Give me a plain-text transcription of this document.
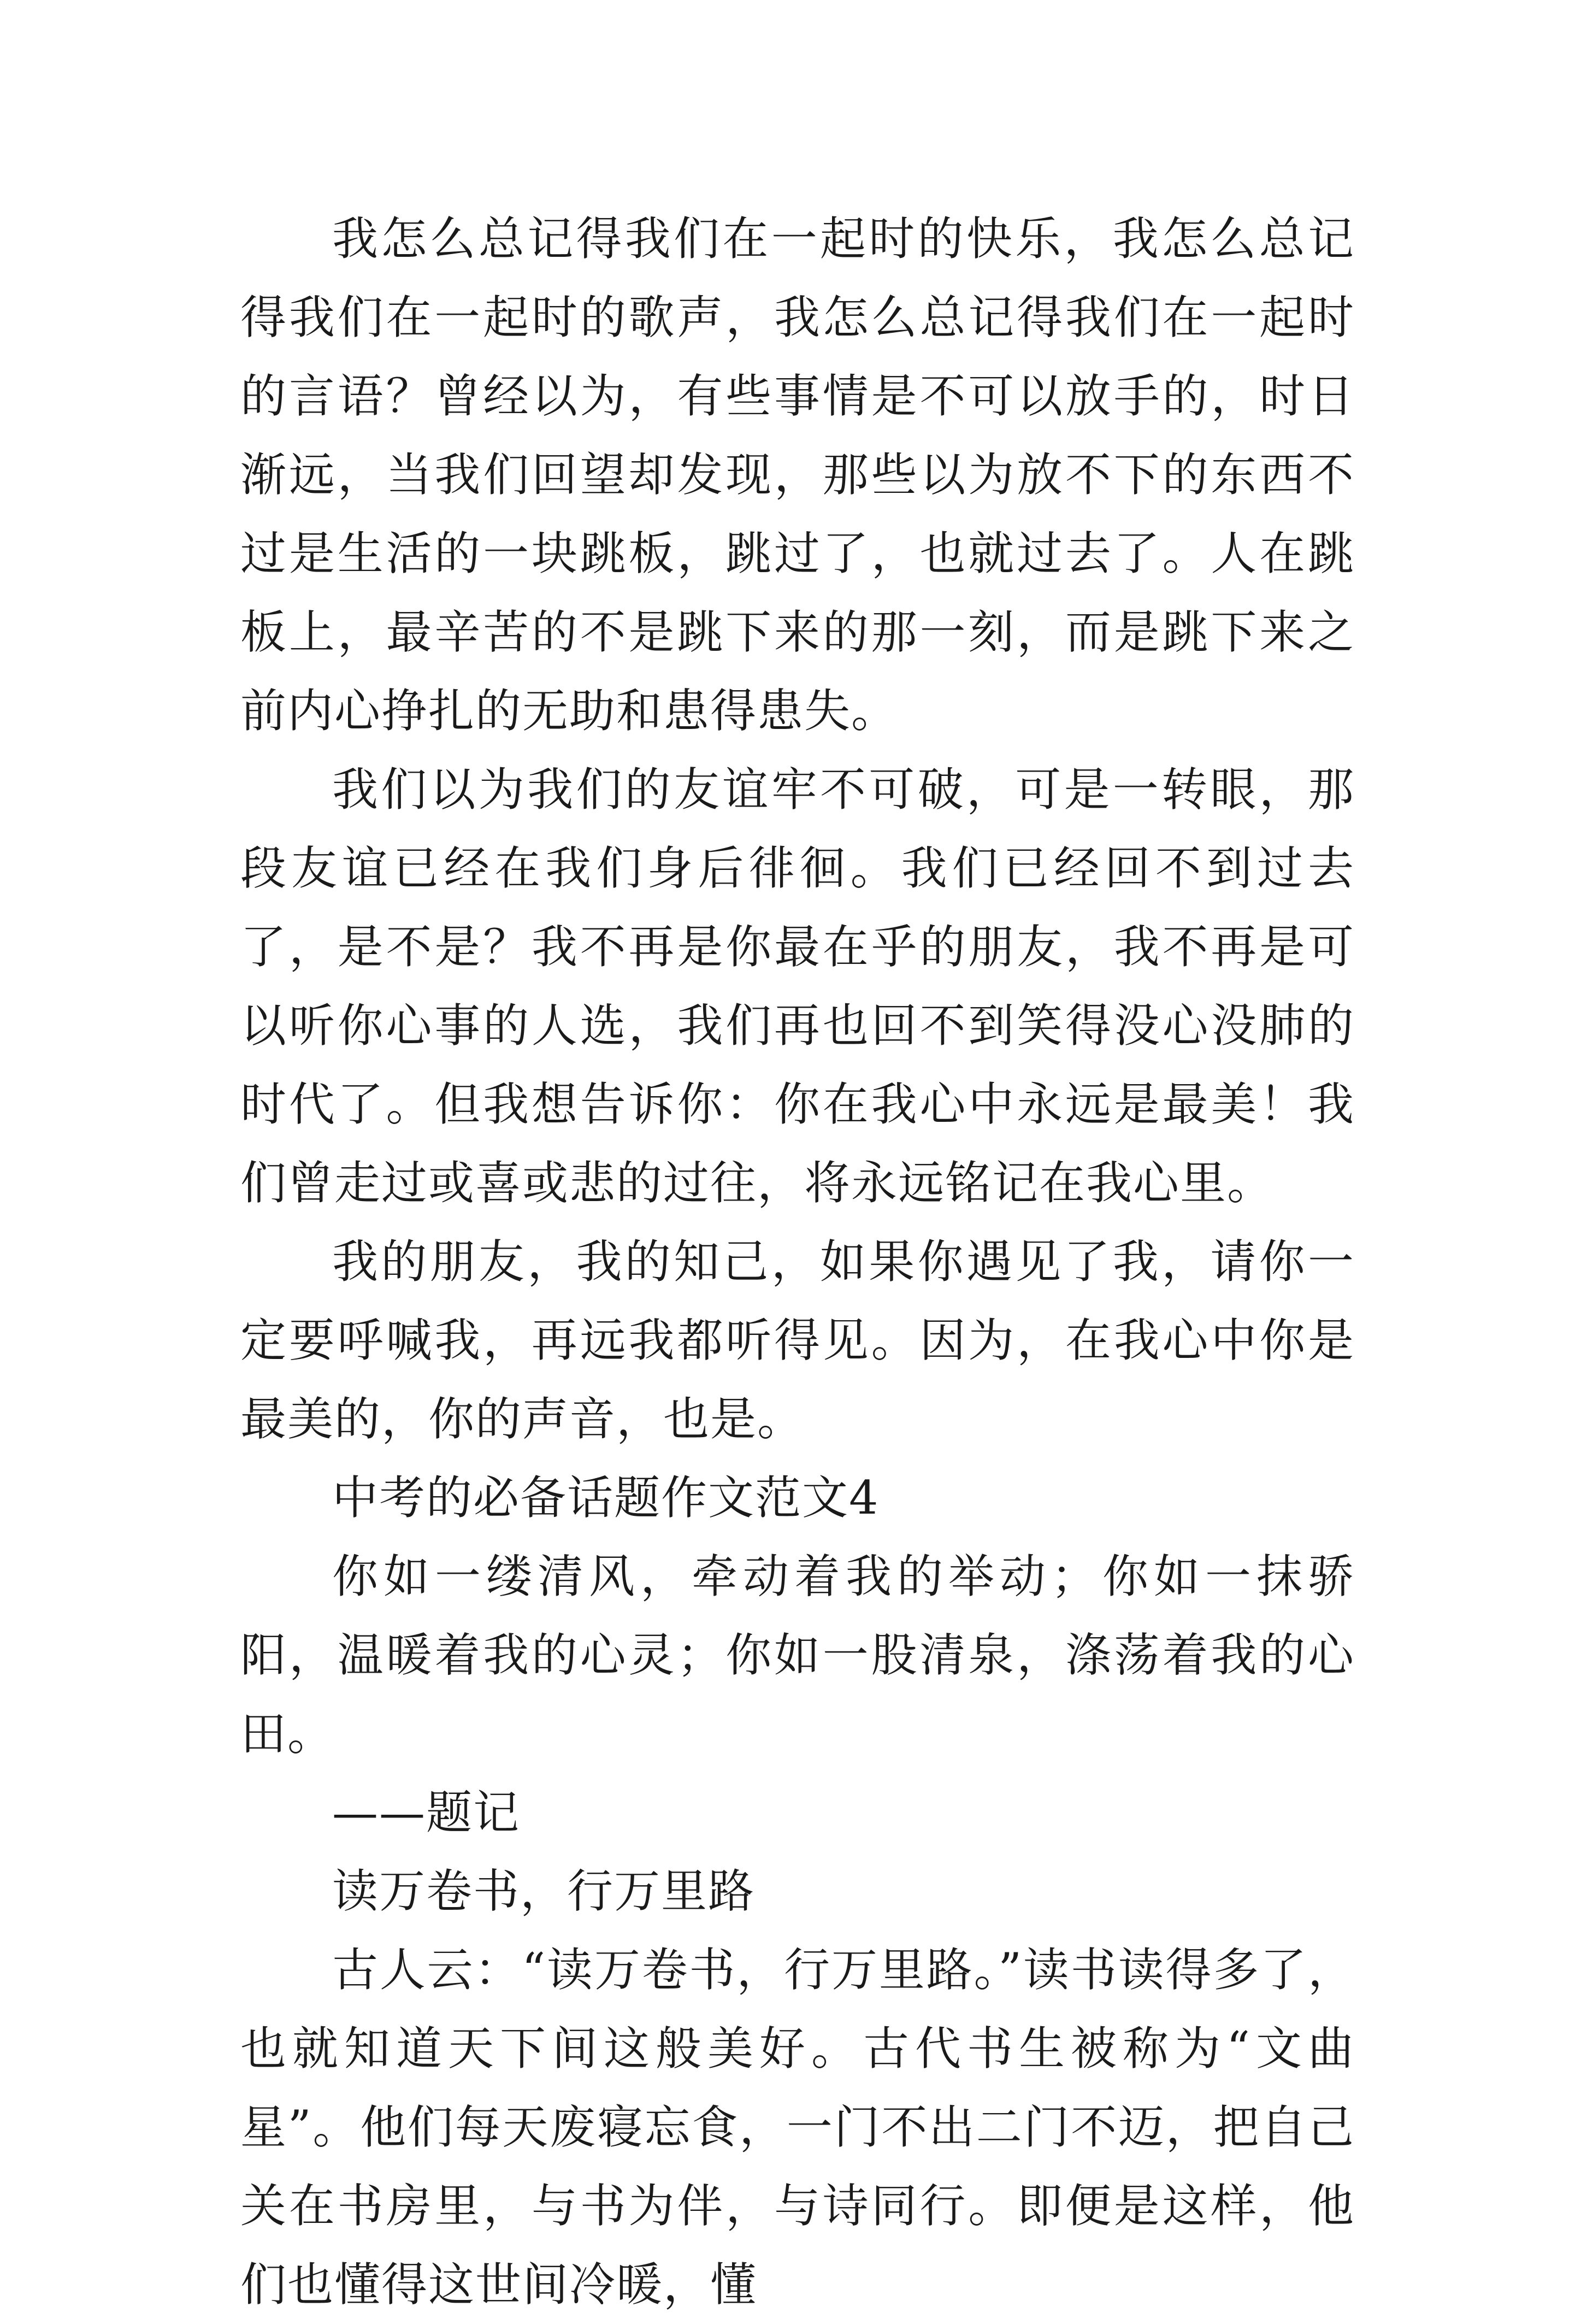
我怎么总记得我们在一起时的快乐，我怎么总记得我们在一起时的歌声，我怎么总记得我们在一起时的言语？曾经以为，有些事情是不可以放手的，时日渐远，当我们回望却发现，那些以为放不下的东西不过是生活的一块跳板，跳过了，也就过去了。人在跳板上，最辛苦的不是跳下来的那一刻，而是跳下来之前内心挣扎的无助和患得患失。

我们以为我们的友谊牢不可破，可是一转眼，那段友谊已经在我们身后徘徊。我们已经回不到过去了，是不是？我不再是你最在乎的朋友，我不再是可以听你心事的人选，我们再也回不到笑得没心没肺的时代了。但我想告诉你：你在我心中永远是最美！我们曾走过或喜或悲的过往，将永远铭记在我心里。

我的朋友，我的知己，如果你遇见了我，请你一定要呼喊我，再远我都听得见。因为，在我心中你是最美的，你的声音，也是。

中考的必备话题作文范文4

你如一缕清风，牵动着我的举动；你如一抹骄阳，温暖着我的心灵；你如一股清泉，涤荡着我的心田。

——题记

读万卷书，行万里路

古人云：“读万卷书，行万里路。”读书读得多了，也就知道天下间这般美好。古代书生被称为“文曲星”。他们每天废寝忘食，一门不出二门不迈，把自己关在书房里，与书为伴，与诗同行。即便是这样，他们也懂得这世间冷暖，懂
